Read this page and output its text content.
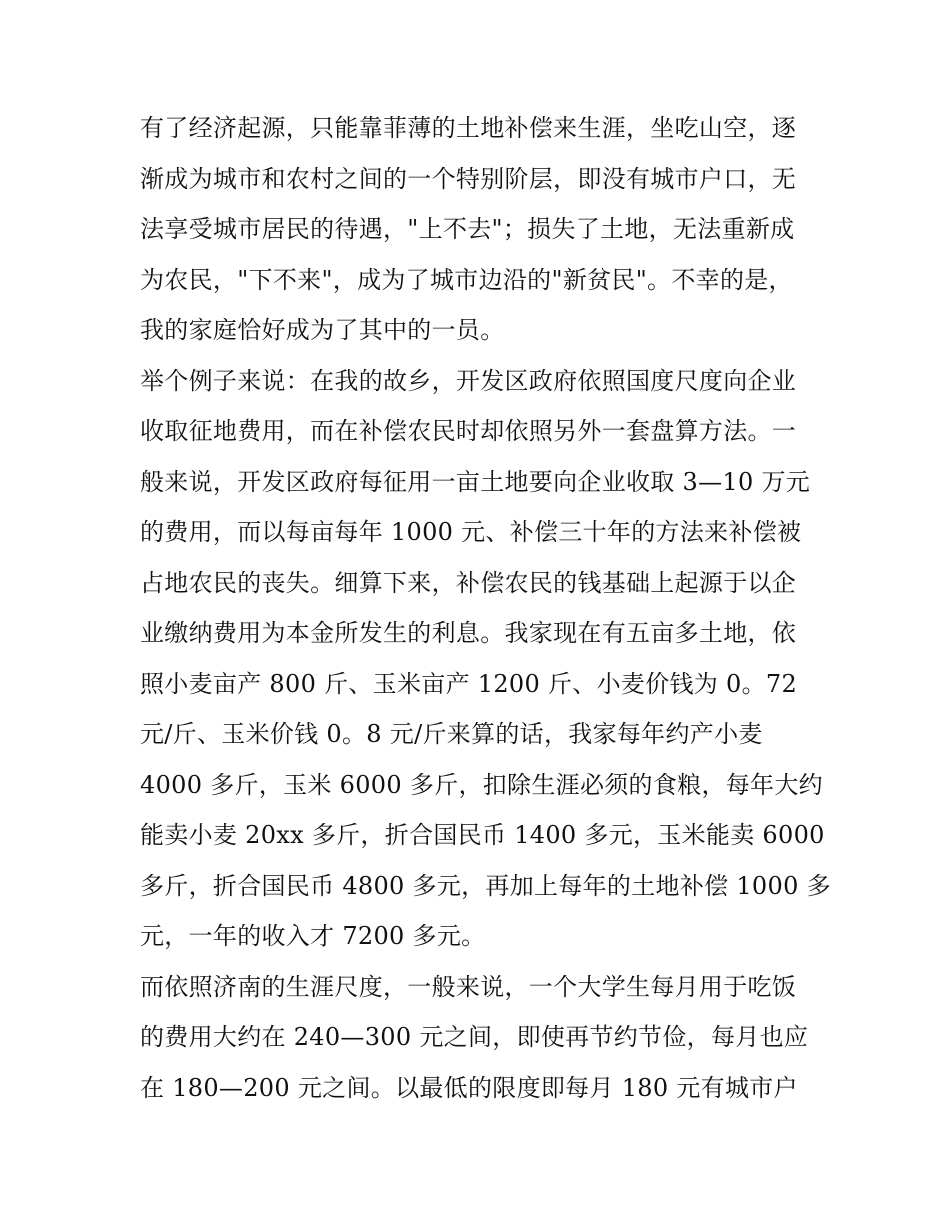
有了经济起源，只能靠菲薄的土地补偿来生涯，坐吃山空，逐
渐成为城市和农村之间的一个特别阶层，即没有城市户口，无
法享受城市居民的待遇，"上不去"；损失了土地，无法重新成
为农民，"下不来"，成为了城市边沿的"新贫民"。不幸的是，
我的家庭恰好成为了其中的一员。
举个例子来说：在我的故乡，开发区政府依照国度尺度向企业
收取征地费用，而在补偿农民时却依照另外一套盘算方法。一
般来说，开发区政府每征用一亩土地要向企业收取 3—10 万元
的费用，而以每亩每年 1000 元、补偿三十年的方法来补偿被
占地农民的丧失。细算下来，补偿农民的钱基础上起源于以企
业缴纳费用为本金所发生的利息。我家现在有五亩多土地，依
照小麦亩产 800 斤、玉米亩产 1200 斤、小麦价钱为 0。72
元/斤、玉米价钱 0。8 元/斤来算的话，我家每年约产小麦
4000 多斤，玉米 6000 多斤，扣除生涯必须的食粮，每年大约
能卖小麦 20xx 多斤，折合国民币 1400 多元，玉米能卖 6000
多斤，折合国民币 4800 多元，再加上每年的土地补偿 1000 多
元，一年的收入才 7200 多元。
而依照济南的生涯尺度，一般来说，一个大学生每月用于吃饭
的费用大约在 240—300 元之间，即使再节约节俭，每月也应
在 180—200 元之间。以最低的限度即每月 180 元有城市户
